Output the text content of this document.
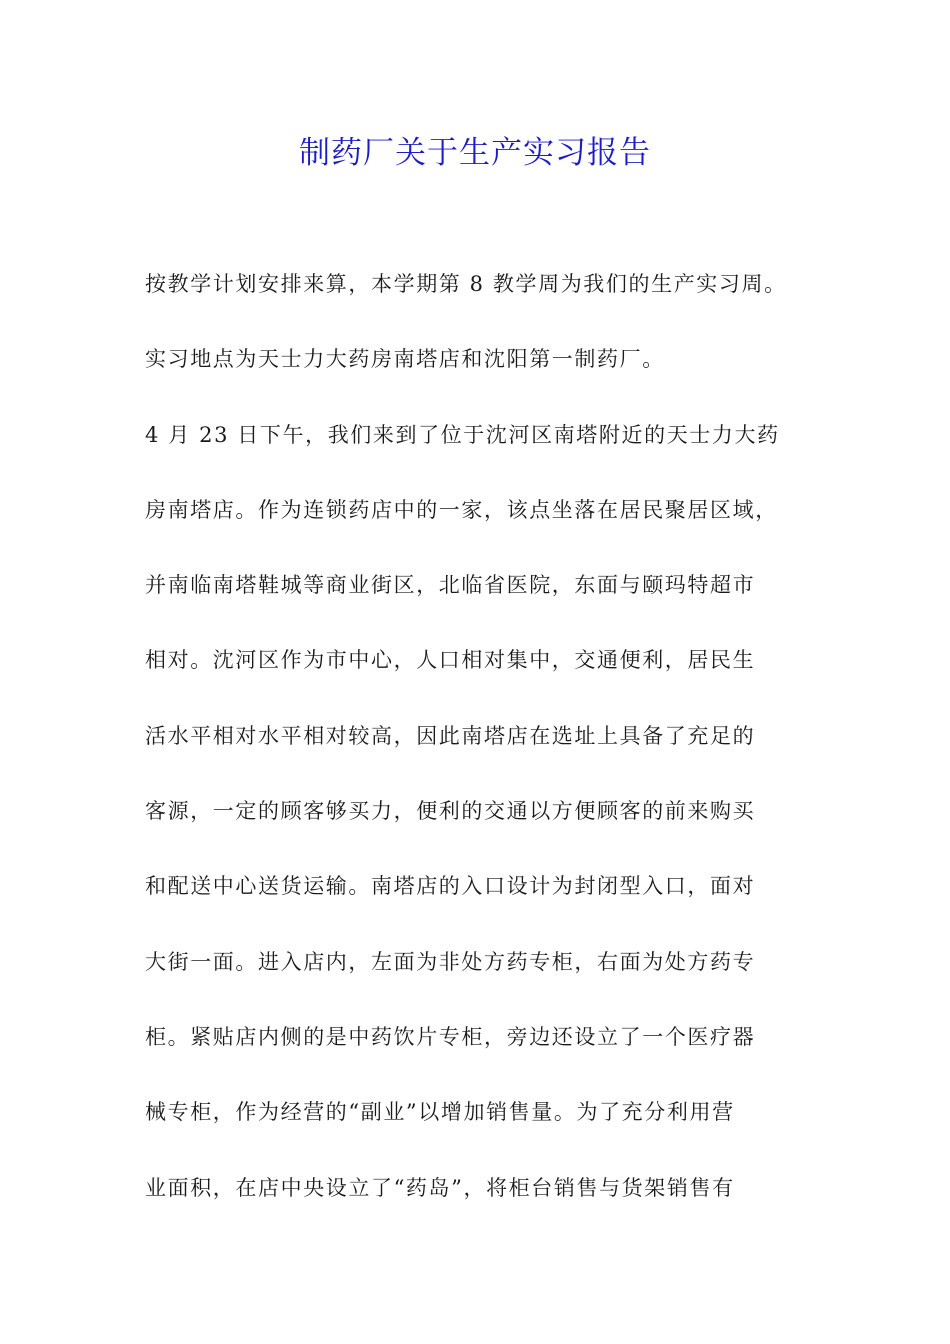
制药厂关于生产实习报告
按教学计划安排来算，本学期第 8 教学周为我们的生产实习周。
实习地点为天士力大药房南塔店和沈阳第一制药厂。
4 月 23 日下午，我们来到了位于沈河区南塔附近的天士力大药
房南塔店。作为连锁药店中的一家，该点坐落在居民聚居区域，
并南临南塔鞋城等商业街区，北临省医院，东面与颐玛特超市
相对。沈河区作为市中心，人口相对集中，交通便利，居民生
活水平相对水平相对较高，因此南塔店在选址上具备了充足的
客源，一定的顾客够买力，便利的交通以方便顾客的前来购买
和配送中心送货运输。南塔店的入口设计为封闭型入口，面对
大街一面。进入店内，左面为非处方药专柜，右面为处方药专
柜。紧贴店内侧的是中药饮片专柜，旁边还设立了一个医疗器
械专柜，作为经营的“副业”以增加销售量。为了充分利用营
业面积，在店中央设立了“药岛”，将柜台销售与货架销售有
